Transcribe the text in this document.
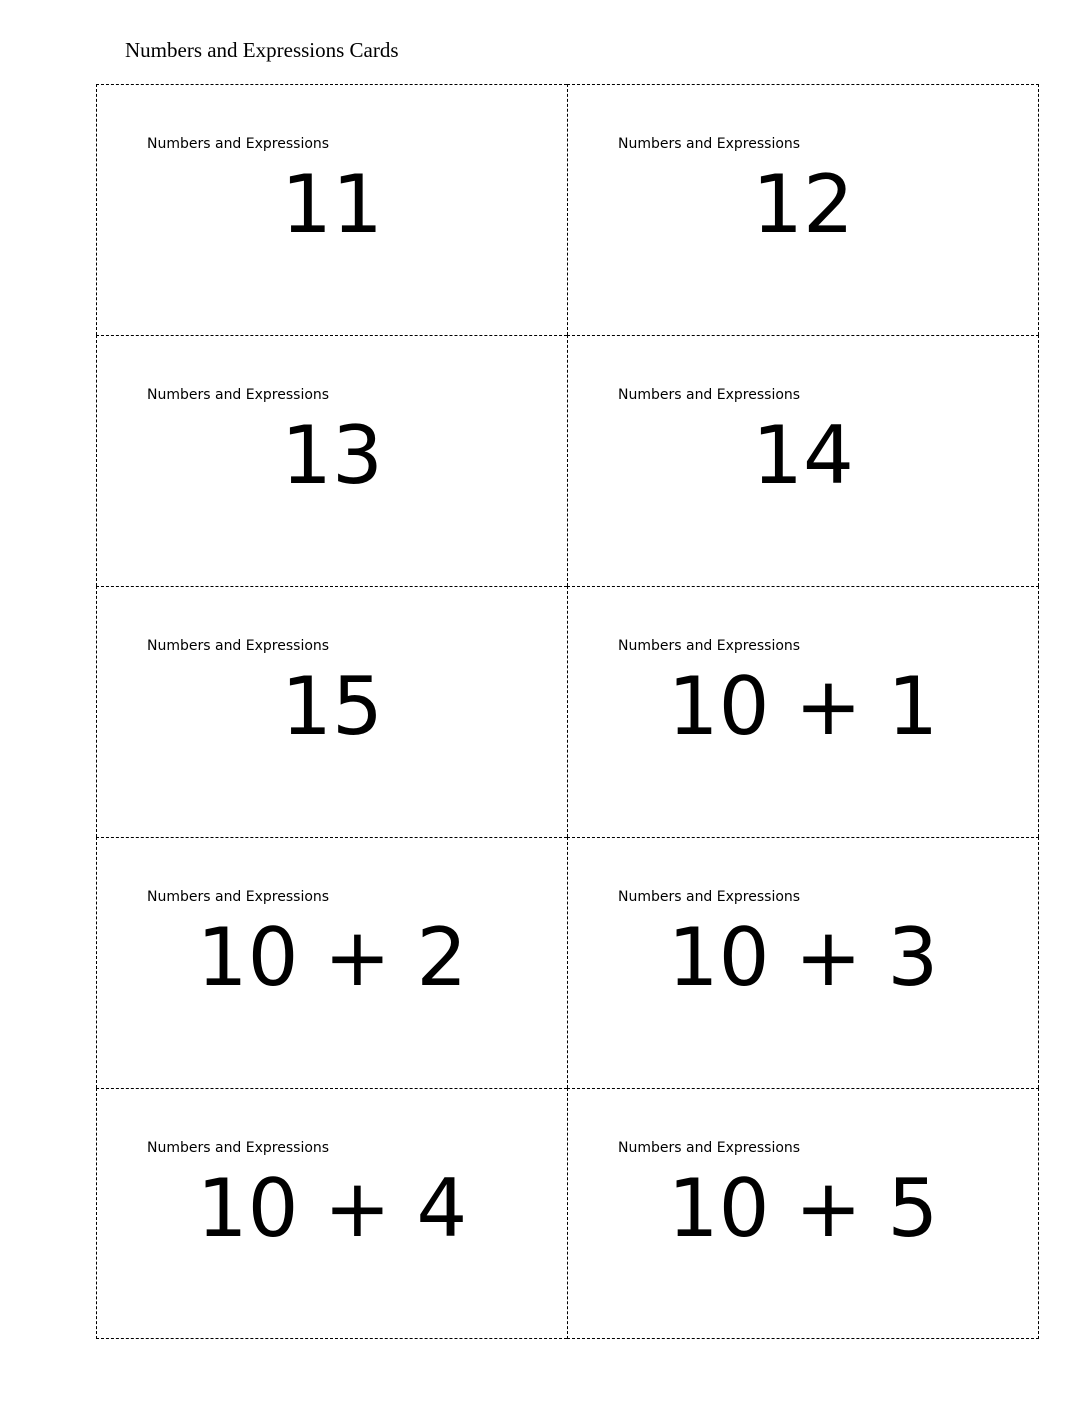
Numbers and Expressions Cards
Numbers and Expressions
11
Numbers and Expressions
12
Numbers and Expressions
13
Numbers and Expressions
14
Numbers and Expressions
15
Numbers and Expressions
10 + 1
Numbers and Expressions
10 + 2
Numbers and Expressions
10 + 3
Numbers and Expressions
10 + 4
Numbers and Expressions
10 + 5
